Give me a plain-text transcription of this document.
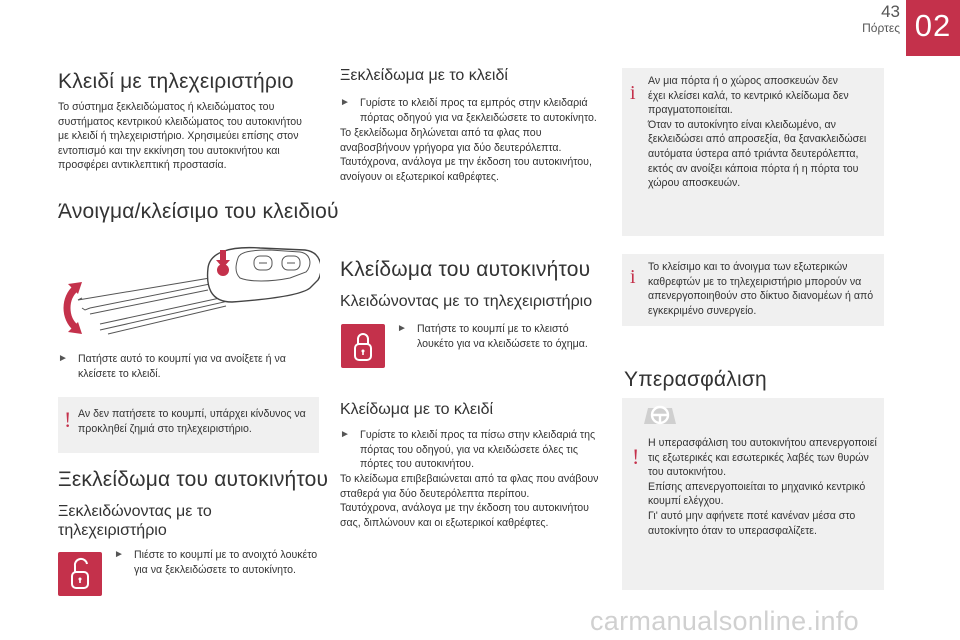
43
Πόρτες 02
Κλειδί με τηλεχειριστήριο
Το σύστημα ξεκλειδώματος ή κλειδώματος του
συστήματος κεντρικού κλειδώματος του αυτοκινήτου
με κλειδί ή τηλεχειριστήριο. Χρησιμεύει επίσης στον
εντοπισμό και την εκκίνηση του αυτοκινήτου και
προσφέρει αντικλεπτική προστασία.
Άνοιγμα/κλείσιμο του κλειδιού
► Πατήστε αυτό το κουμπί για να ανοίξετε ή να
κλείσετε το κλειδί.
! Αν δεν πατήσετε το κουμπί, υπάρχει κίνδυνος να
προκληθεί ζημιά στο τηλεχειριστήριο.
Ξεκλείδωμα του αυτοκινήτου
Ξεκλειδώνοντας με το
τηλεχειριστήριο
► Πιέστε το κουμπί με το ανοιχτό λουκέτο
για να ξεκλειδώσετε το αυτοκίνητο.
Ξεκλείδωμα με το κλειδί
► Γυρίστε το κλειδί προς τα εμπρός στην κλειδαριά
πόρτας οδηγού για να ξεκλειδώσετε το αυτοκίνητο.
Το ξεκλείδωμα δηλώνεται από τα φλας που
αναβοσβήνουν γρήγορα για δύο δευτερόλεπτα.
Ταυτόχρονα, ανάλογα με την έκδοση του αυτοκινήτου,
ανοίγουν οι εξωτερικοί καθρέφτες.
Κλείδωμα του αυτοκινήτου
Κλειδώνοντας με το τηλεχειριστήριο
► Πατήστε το κουμπί με το κλειστό
λουκέτο για να κλειδώσετε το όχημα.
Κλείδωμα με το κλειδί
► Γυρίστε το κλειδί προς τα πίσω στην κλειδαριά της
πόρτας του οδηγού, για να κλειδώσετε όλες τις
πόρτες του αυτοκινήτου.
Το κλείδωμα επιβεβαιώνεται από τα φλας που ανάβουν
σταθερά για δύο δευτερόλεπτα περίπου.
Ταυτόχρονα, ανάλογα με την έκδοση του αυτοκινήτου
σας, διπλώνουν και οι εξωτερικοί καθρέφτες.
i
Αν μια πόρτα ή ο χώρος αποσκευών δεν
έχει κλείσει καλά, το κεντρικό κλείδωμα δεν
πραγματοποιείται.
Όταν το αυτοκίνητο είναι κλειδωμένο, αν
ξεκλειδώσει από απροσεξία, θα ξανακλειδώσει
αυτόματα ύστερα από τριάντα δευτερόλεπτα,
εκτός αν ανοίξει κάποια πόρτα ή η πόρτα του
χώρου αποσκευών.
i Το κλείσιμο και το άνοιγμα των εξωτερικών
καθρεφτών με το τηλεχειριστήριο μπορούν να
απενεργοποιηθούν στο δίκτυο διανομέων ή από
εγκεκριμένο συνεργείο.
Υπερασφάλιση
!
Η υπερασφάλιση του αυτοκινήτου απενεργοποιεί
τις εξωτερικές και εσωτερικές λαβές των θυρών
του αυτοκινήτου.
Επίσης απενεργοποιείται το μηχανικό κεντρικό
κουμπί ελέγχου.
Γι' αυτό μην αφήνετε ποτέ κανέναν μέσα στο
αυτοκίνητο όταν το υπερασφαλίζετε.
carmanualsonline.info
